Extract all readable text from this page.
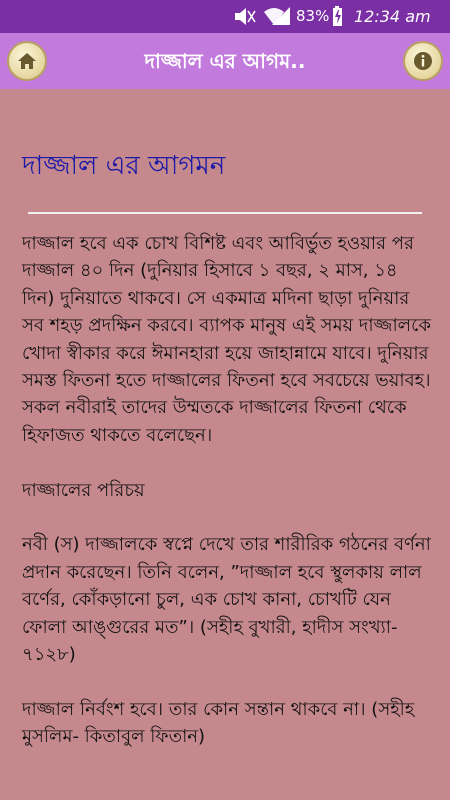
83% 12:34 am
দাজ্জাল এর আগম..
দাজ্জাল এর আগমন

দাজ্জাল হবে এক চোখ বিশিষ্ট এবং আবির্ভুত হওয়ার পর দাজ্জাল ৪০ দিন (দুনিয়ার হিসাবে ১ বছর, ২ মাস, ১৪ দিন) দুনিয়াতে থাকবে। সে একমাত্র মদিনা ছাড়া দুনিয়ার সব শহড় প্রদক্ষিন করবে। ব্যাপক মানুষ এই সময় দাজ্জালকে খোদা স্বীকার করে ঈমানহারা হয়ে জাহান্নামে যাবে। দুনিয়ার সমস্ত ফিতনা হতে দাজ্জালের ফিতনা হবে সবচেয়ে ভয়াবহ। সকল নবীরাই তাদের উম্মতকে দাজ্জালের ফিতনা থেকে হিফাজত থাকতে বলেছেন।

দাজ্জালের পরিচয়

নবী (স) দাজ্জালকে স্বপ্নে দেখে তার শারীরিক গঠনের বর্ণনা প্রদান করেছেন। তিনি বলেন, ”দাজ্জাল হবে স্থুলকায় লাল বর্ণের, কোঁকড়ানো চুল, এক চোখ কানা, চোখটি যেন ফোলা আঙ্গুরের মত”। (সহীহ বুখারী, হাদীস সংখ্যা- ৭১২৮)

দাজ্জাল নির্বংশ হবে। তার কোন সন্তান থাকবে না। (সহীহ মুসলিম- কিতাবুল ফিতান)
